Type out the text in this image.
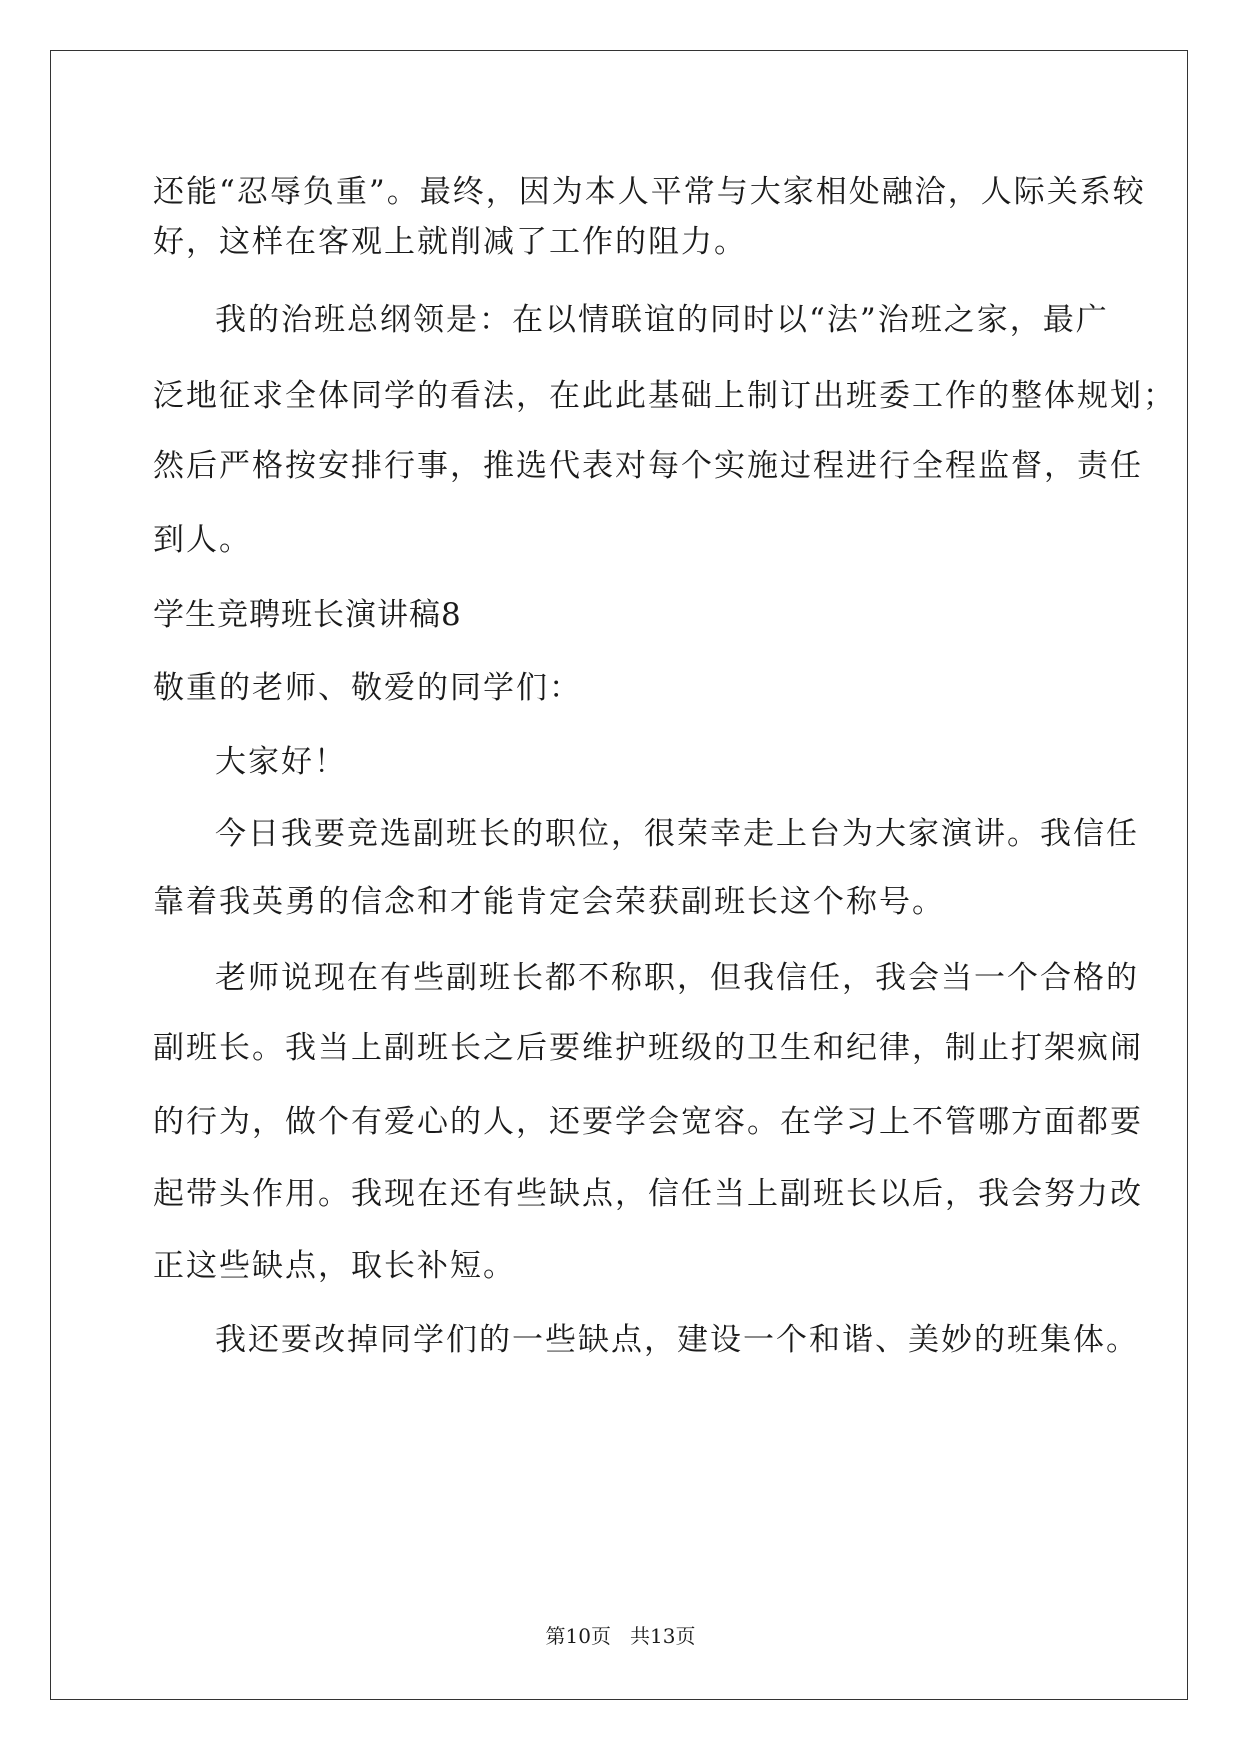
还能“忍辱负重”。最终，因为本人平常与大家相处融洽，人际关系较
好，这样在客观上就削减了工作的阻力。
我的治班总纲领是：在以情联谊的同时以“法”治班之家，最广
泛地征求全体同学的看法，在此此基础上制订出班委工作的整体规划；
然后严格按安排行事，推选代表对每个实施过程进行全程监督，责任
到人。
学生竞聘班长演讲稿8
敬重的老师、敬爱的同学们：
大家好！
今日我要竞选副班长的职位，很荣幸走上台为大家演讲。我信任
靠着我英勇的信念和才能肯定会荣获副班长这个称号。
老师说现在有些副班长都不称职，但我信任，我会当一个合格的
副班长。我当上副班长之后要维护班级的卫生和纪律，制止打架疯闹
的行为，做个有爱心的人，还要学会宽容。在学习上不管哪方面都要
起带头作用。我现在还有些缺点，信任当上副班长以后，我会努力改
正这些缺点，取长补短。
我还要改掉同学们的一些缺点，建设一个和谐、美妙的班集体。
第10页   共13页
